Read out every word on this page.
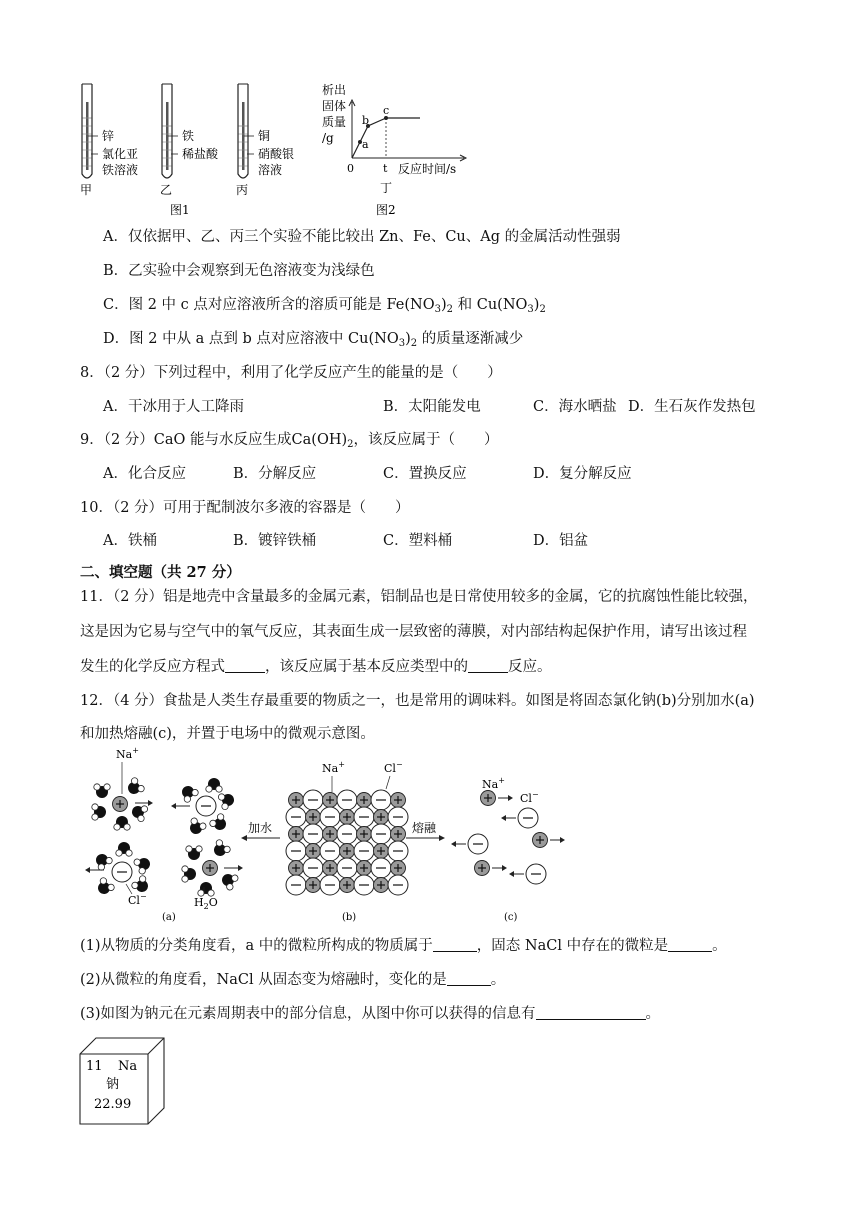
锌
氯化亚
铁溶液
甲
铁
稀盐酸
乙
铜
硝酸银
溶液
丙
图1
析出
固体
质量
/g	a
b
c
0	t 反应时间/s
丁
图2
A．仅依据甲、乙、丙三个实验不能比较出 Zn、Fe、Cu、Ag 的金属活动性强弱
B．乙实验中会观察到无色溶液变为浅绿色
C．图 2 中 c 点对应溶液所含的溶质可能是 $Fe(NO_3)_2$ 和 $Cu(NO_3)_2$
D．图 2 中从 a 点到 b 点对应溶液中 $Cu(NO_3)_2$ 的质量逐渐减少
8．（2 分）下列过程中，利用了化学反应产生的能量的是（　　）
A．干冰用于人工降雨	B．太阳能发电	C．海水晒盐 D．生石灰作发热包
9．（2 分）CaO 能与水反应生成$Ca(OH)_2$，该反应属于（　　）
A．化合反应	B．分解反应	C．置换反应	D．复分解反应
10．（2 分）可用于配制波尔多液的容器是（　　）
A．铁桶	B．镀锌铁桶	C．塑料桶	D．铝盆
二、填空题（共 27 分）
11．（2 分）铝是地壳中含量最多的金属元素，铝制品也是日常使用较多的金属，它的抗腐蚀性能比较强，
这是因为它易与空气中的氧气反应，其表面生成一层致密的薄膜，对内部结构起保护作用，请写出该过程
发生的化学反应方程式	，该反应属于基本反应类型中的	反应。
12．（4 分）食盐是人类生存最重要的物质之一，也是常用的调味料。如图是将固态氯化钠(b)分别加水(a)
和加热熔融(c)，并置于电场中的微观示意图。
Na+
Cl−	$H_2O$
(a)
加水
Na+	Cl−
(b)
熔融
Na+
Cl−
(c)
(1)从物质的分类角度看，a 中的微粒所构成的物质属于	，固态 NaCl 中存在的微粒是	。
(2)从微粒的角度看，NaCl 从固态变为熔融时，变化的是	。
(3)如图为钠元在元素周期表中的部分信息，从图中你可以获得的信息有	。
11 Na
钠
22.99
